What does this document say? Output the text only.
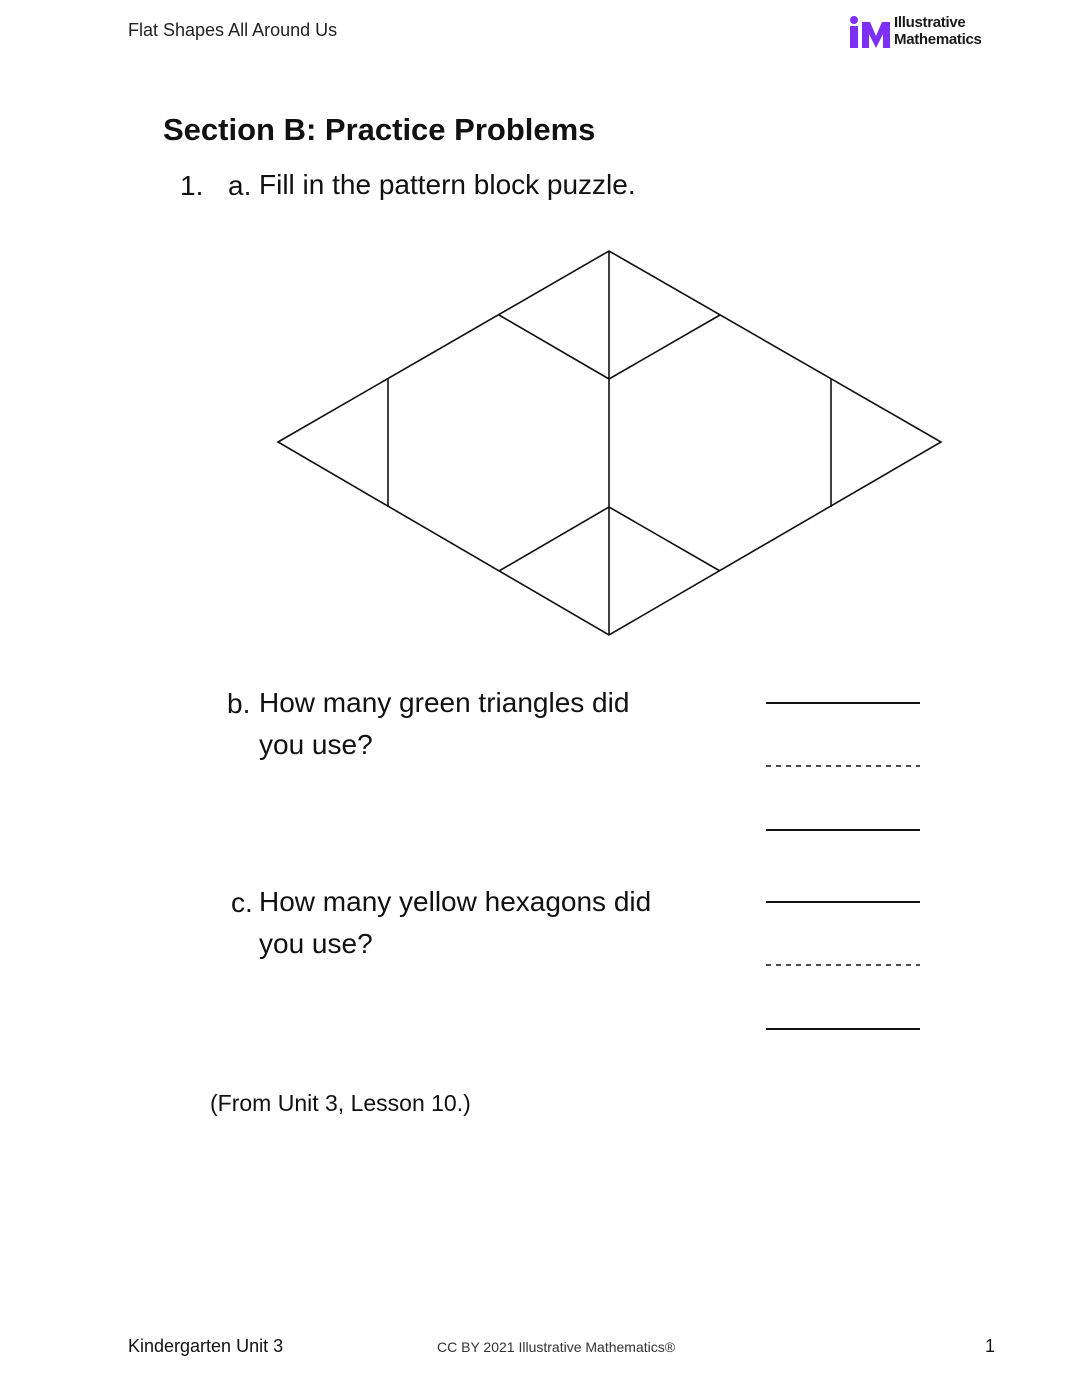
Flat Shapes All Around Us	Illustrative
Mathematics
Section B: Practice Problems
1. a. Fill in the pattern block puzzle.
b. How many green triangles did
you use?
c. How many yellow hexagons did
you use?
(From Unit 3, Lesson 10.)
Kindergarten Unit 3	CC BY 2021 Illustrative Mathematics®	1
